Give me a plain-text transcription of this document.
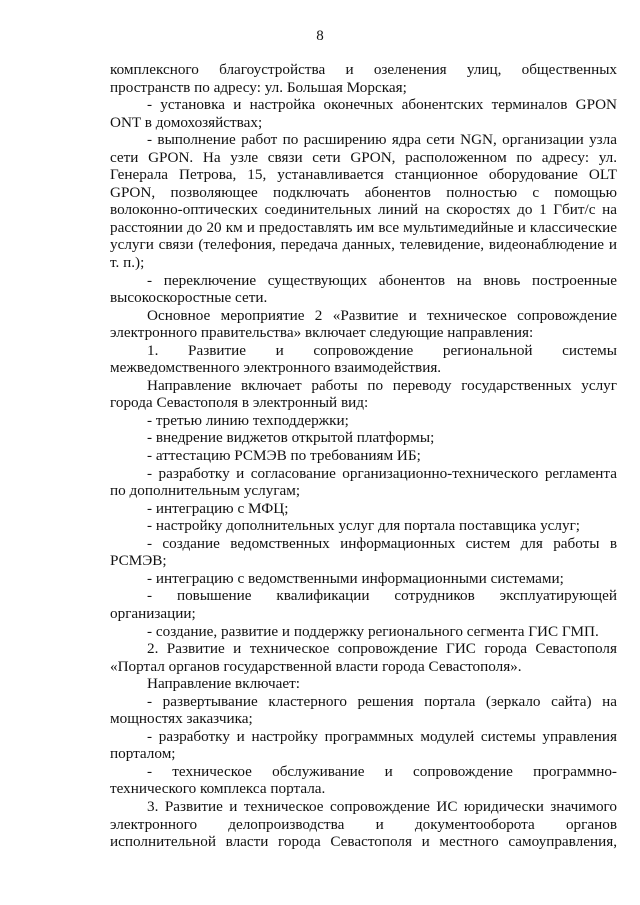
8

комплексного благоустройства и озеленения улиц, общественных пространств по адресу: ул. Большая Морская;

- установка и настройка оконечных абонентских терминалов GPON ONT в домохозяйствах;

- выполнение работ по расширению ядра сети NGN, организации узла сети GPON. На узле связи сети GPON, расположенном по адресу: ул. Генерала Петрова, 15, устанавливается станционное оборудование OLT GPON, позволяющее подключать абонентов полностью с помощью волоконно-оптических соединительных линий на скоростях до 1 Гбит/с на расстоянии до 20 км и предоставлять им все мультимедийные и классические услуги связи (телефония, передача данных, телевидение, видеонаблюдение и т. п.);

- переключение существующих абонентов на вновь построенные высокоскоростные сети.

Основное мероприятие 2 «Развитие и техническое сопровождение электронного правительства» включает следующие направления:

1. Развитие и сопровождение региональной системы межведомственного электронного взаимодействия.

Направление включает работы по переводу государственных услуг города Севастополя в электронный вид:

- третью линию техподдержки;

- внедрение виджетов открытой платформы;

- аттестацию РСМЭВ по требованиям ИБ;

- разработку и согласование организационно-технического регламента по дополнительным услугам;

- интеграцию с МФЦ;

- настройку дополнительных услуг для портала поставщика услуг;

- создание ведомственных информационных систем для работы в РСМЭВ;

- интеграцию с ведомственными информационными системами;

- повышение квалификации сотрудников эксплуатирующей организации;

- создание, развитие и поддержку регионального сегмента ГИС ГМП.

2. Развитие и техническое сопровождение ГИС города Севастополя «Портал органов государственной власти города Севастополя».

Направление включает:

- развертывание кластерного решения портала (зеркало сайта) на мощностях заказчика;

- разработку и настройку программных модулей системы управления порталом;

- техническое обслуживание и сопровождение программно-технического комплекса портала.

3. Развитие и техническое сопровождение ИС юридически значимого электронного делопроизводства и документооборота органов исполнительной власти города Севастополя и местного самоуправления,
